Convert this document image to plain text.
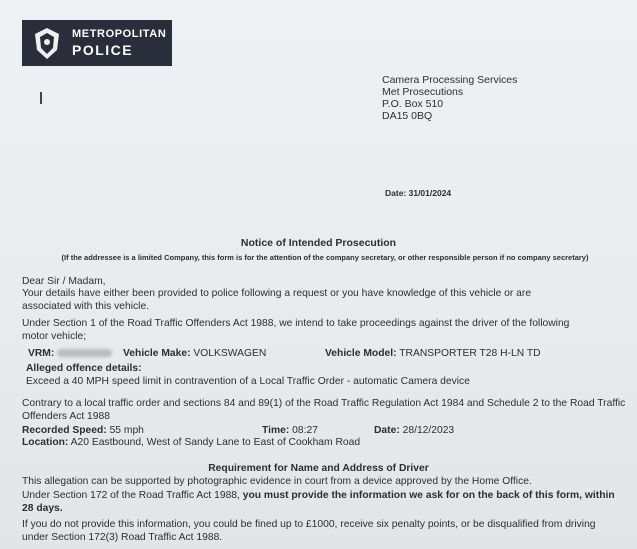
METROPOLITAN
POLICE
Camera Processing Services
Met Prosecutions
P.O. Box 510
DA15 0BQ
Date: 31/01/2024
Notice of Intended Prosecution
(If the addressee is a limited Company, this form is for the attention of the company secretary, or other responsible person if no company secretary)
Dear Sir / Madam,
Your details have either been provided to police following a request or you have knowledge of this vehicle or are associated with this vehicle.
Under Section 1 of the Road Traffic Offenders Act 1988, we intend to take proceedings against the driver of the following motor vehicle;
VRM:	Vehicle Make: VOLKSWAGEN	Vehicle Model: TRANSPORTER T28 H-LN TD
Alleged offence details:
Exceed a 40 MPH speed limit in contravention of a Local Traffic Order - automatic Camera device
Contrary to a local traffic order and sections 84 and 89(1) of the Road Traffic Regulation Act 1984 and Schedule 2 to the Road Traffic Offenders Act 1988
Recorded Speed: 55 mph	Time: 08:27	Date: 28/12/2023
Location: A20 Eastbound, West of Sandy Lane to East of Cookham Road
Requirement for Name and Address of Driver
This allegation can be supported by photographic evidence in court from a device approved by the Home Office.
Under Section 172 of the Road Traffic Act 1988, you must provide the information we ask for on the back of this form, within 28 days.
If you do not provide this information, you could be fined up to £1000, receive six penalty points, or be disqualified from driving under Section 172(3) Road Traffic Act 1988.
